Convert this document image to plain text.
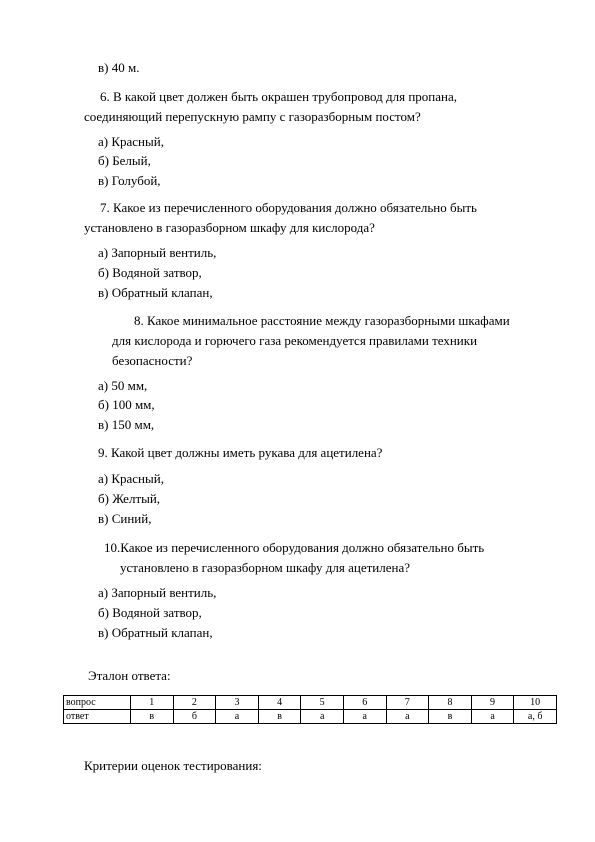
в) 40 м.
6. В какой цвет должен быть окрашен трубопровод для пропана,
соединяющий перепускную рампу с газоразборным постом?
а) Красный,
б) Белый,
в) Голубой,
7. Какое из перечисленного оборудования должно обязательно быть
установлено в газоразборном шкафу для кислорода?
а) Запорный вентиль,
б) Водяной затвор,
в) Обратный клапан,
8. Какое минимальное расстояние между газоразборными шкафами
для кислорода и горючего газа рекомендуется правилами техники
безопасности?
а) 50 мм,
б) 100 мм,
в) 150 мм,
9. Какой цвет должны иметь рукава для ацетилена?
а) Красный,
б) Желтый,
в) Синий,
10.Какое из перечисленного оборудования должно обязательно быть
установлено в газоразборном шкафу для ацетилена?
а) Запорный вентиль,
б) Водяной затвор,
в) Обратный клапан,
Эталон ответа:
вопрос	1	2	3	4	5	6	7	8	9	10
ответ	в	б	а	в	а	а	а	в	а	а, б
Критерии оценок тестирования:
